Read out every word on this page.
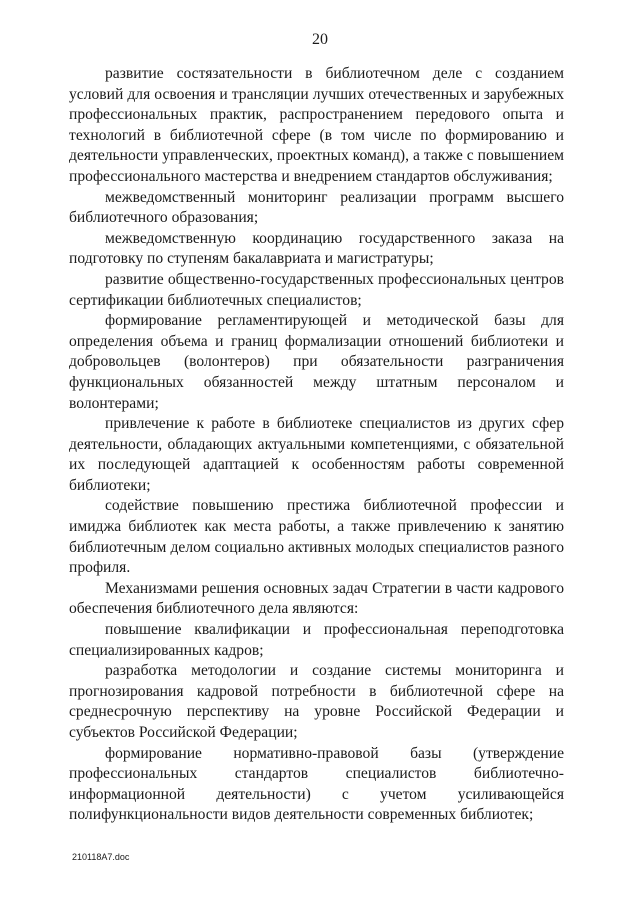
20

развитие состязательности в библиотечном деле с созданием условий для освоения и трансляции лучших отечественных и зарубежных профессиональных практик, распространением передового опыта и технологий в библиотечной сфере (в том числе по формированию и деятельности управленческих, проектных команд), а также с повышением профессионального мастерства и внедрением стандартов обслуживания;

межведомственный мониторинг реализации программ высшего библиотечного образования;

межведомственную координацию государственного заказа на подготовку по ступеням бакалавриата и магистратуры;

развитие общественно-государственных профессиональных центров сертификации библиотечных специалистов;

формирование регламентирующей и методической базы для определения объема и границ формализации отношений библиотеки и добровольцев (волонтеров) при обязательности разграничения функциональных обязанностей между штатным персоналом и волонтерами;

привлечение к работе в библиотеке специалистов из других сфер деятельности, обладающих актуальными компетенциями, с обязательной их последующей адаптацией к особенностям работы современной библиотеки;

содействие повышению престижа библиотечной профессии и имиджа библиотек как места работы, а также привлечению к занятию библиотечным делом социально активных молодых специалистов разного профиля.

Механизмами решения основных задач Стратегии в части кадрового обеспечения библиотечного дела являются:

повышение квалификации и профессиональная переподготовка специализированных кадров;

разработка методологии и создание системы мониторинга и прогнозирования кадровой потребности в библиотечной сфере на среднесрочную перспективу на уровне Российской Федерации и субъектов Российской Федерации;

формирование нормативно-правовой базы (утверждение профессиональных стандартов специалистов библиотечно-информационной деятельности) с учетом усиливающейся полифункциональности видов деятельности современных библиотек;

210118A7.doc
